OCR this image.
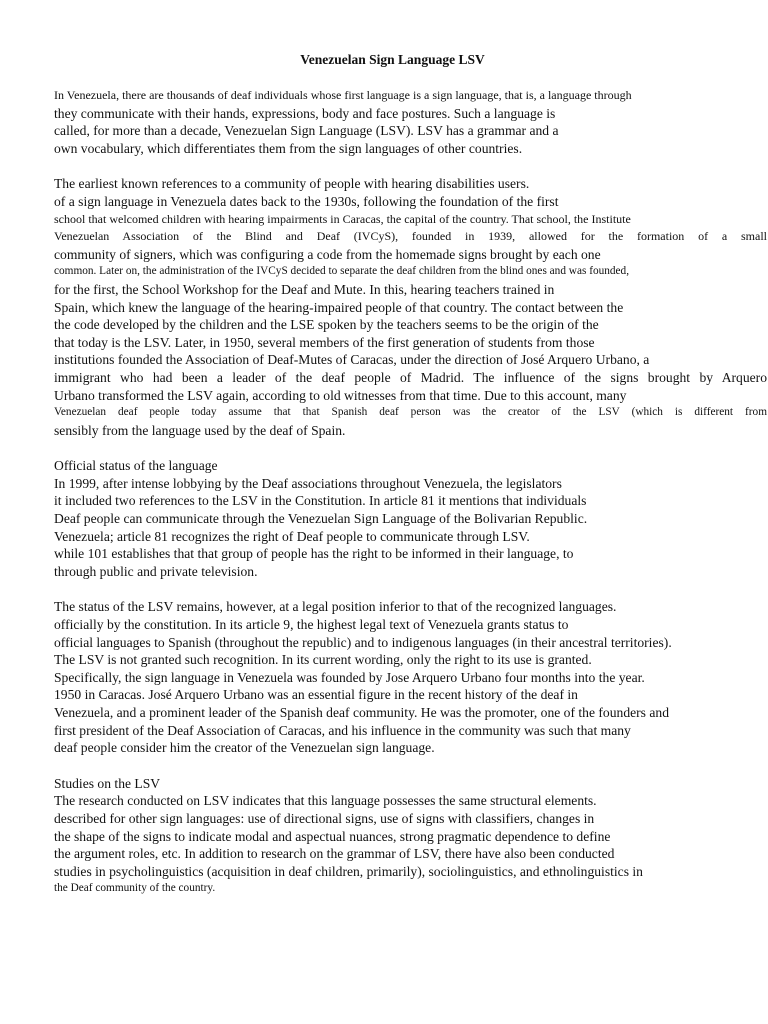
Venezuelan Sign Language LSV
In Venezuela, there are thousands of deaf individuals whose first language is a sign language, that is, a language through
they communicate with their hands, expressions, body and face postures. Such a language is
called, for more than a decade, Venezuelan Sign Language (LSV). LSV has a grammar and a
own vocabulary, which differentiates them from the sign languages of other countries.
The earliest known references to a community of people with hearing disabilities users.
of a sign language in Venezuela dates back to the 1930s, following the foundation of the first
school that welcomed children with hearing impairments in Caracas, the capital of the country. That school, the Institute
Venezuelan Association of the Blind and Deaf (IVCyS), founded in 1939, allowed for the formation of a small
community of signers, which was configuring a code from the homemade signs brought by each one
common. Later on, the administration of the IVCyS decided to separate the deaf children from the blind ones and was founded,
for the first, the School Workshop for the Deaf and Mute. In this, hearing teachers trained in
Spain, which knew the language of the hearing-impaired people of that country. The contact between the
the code developed by the children and the LSE spoken by the teachers seems to be the origin of the
that today is the LSV. Later, in 1950, several members of the first generation of students from those
institutions founded the Association of Deaf-Mutes of Caracas, under the direction of José Arquero Urbano, a
immigrant who had been a leader of the deaf people of Madrid. The influence of the signs brought by Arquero
Urbano transformed the LSV again, according to old witnesses from that time. Due to this account, many
Venezuelan deaf people today assume that that Spanish deaf person was the creator of the LSV (which is different from
sensibly from the language used by the deaf of Spain.
Official status of the language
In 1999, after intense lobbying by the Deaf associations throughout Venezuela, the legislators
it included two references to the LSV in the Constitution. In article 81 it mentions that individuals
Deaf people can communicate through the Venezuelan Sign Language of the Bolivarian Republic.
Venezuela; article 81 recognizes the right of Deaf people to communicate through LSV.
while 101 establishes that that group of people has the right to be informed in their language, to
through public and private television.
The status of the LSV remains, however, at a legal position inferior to that of the recognized languages.
officially by the constitution. In its article 9, the highest legal text of Venezuela grants status to
official languages to Spanish (throughout the republic) and to indigenous languages (in their ancestral territories).
The LSV is not granted such recognition. In its current wording, only the right to its use is granted.
Specifically, the sign language in Venezuela was founded by Jose Arquero Urbano four months into the year.
1950 in Caracas. José Arquero Urbano was an essential figure in the recent history of the deaf in
Venezuela, and a prominent leader of the Spanish deaf community. He was the promoter, one of the founders and
first president of the Deaf Association of Caracas, and his influence in the community was such that many
deaf people consider him the creator of the Venezuelan sign language.
Studies on the LSV
The research conducted on LSV indicates that this language possesses the same structural elements.
described for other sign languages: use of directional signs, use of signs with classifiers, changes in
the shape of the signs to indicate modal and aspectual nuances, strong pragmatic dependence to define
the argument roles, etc. In addition to research on the grammar of LSV, there have also been conducted
studies in psycholinguistics (acquisition in deaf children, primarily), sociolinguistics, and ethnolinguistics in
the Deaf community of the country.
